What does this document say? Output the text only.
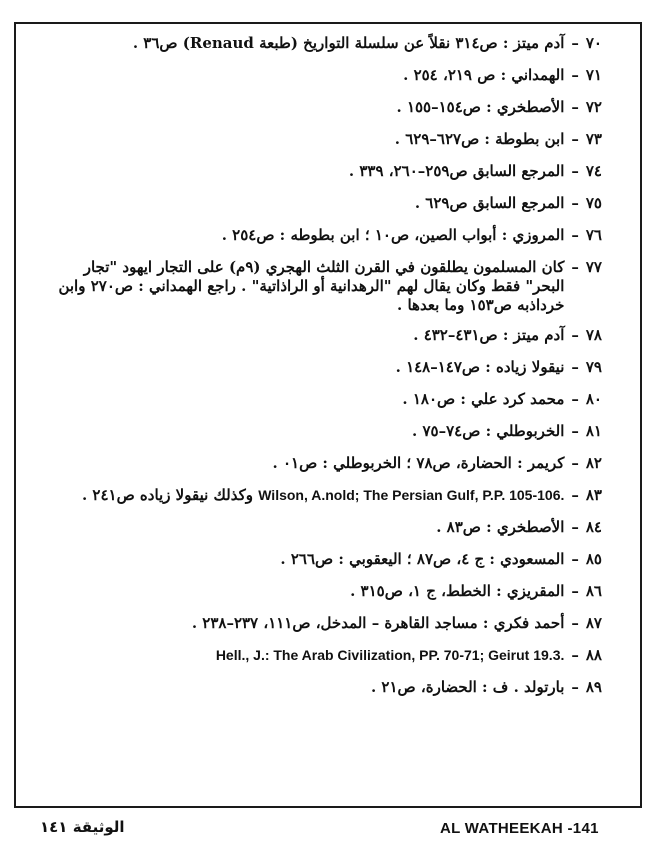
٧٠
–
آدم ميتز : ص٣١٤ نقلاً عن سلسلة التواريخ (طبعة Renaud) ص٣٦ .
٧١
–
الهمداني : ص ٢١٩، ٢٥٤ .
٧٢
–
الأصطخري : ص١٥٤–١٥٥ .
٧٣
–
ابن بطوطة : ص٦٢٧–٦٢٩ .
٧٤
–
المرجع السابق ص٢٥٩–٢٦٠، ٣٣٩ .
٧٥
–
المرجع السابق ص٦٢٩ .
٧٦
–
المروزي : أبواب الصين، ص١٠ ؛ ابن بطوطه : ص٢٥٤ .
٧٧
–
كان المسلمون يطلقون في القرن الثلث الهجري (٩م) على التجار ايهود "تجار البحر" فقط وكان يقال لهم "الرهدانية أو الراذاتية" . راجع الهمداني : ص٢٧٠ وابن خرداذبه ص١٥٣ وما بعدها .
٧٨
–
آدم ميتز : ص٤٣١–٤٣٢ .
٧٩
–
نيقولا زياده : ص١٤٧–١٤٨ .
٨٠
–
محمد كرد علي : ص١٨٠ .
٨١
–
الخربوطلي : ص٧٤–٧٥ .
٨٢
–
كريمر : الحضارة، ص٧٨ ؛ الخربوطلي : ص٠١ .
٨٣
–
Wilson, A.nold; The Persian Gulf, P.P. 105-106. وكذلك نيقولا زياده ص٢٤١ .
٨٤
–
الأصطخري : ص٨٣ .
٨٥
–
المسعودي : ج ٤، ص٨٧ ؛ اليعقوبي : ص٢٦٦ .
٨٦
–
المقريزي : الخطط، ج ١، ص٣١٥ .
٨٧
–
أحمد فكري : مساجد القاهرة – المدخل، ص١١١، ٢٣٧–٢٣٨ .
٨٨
–
Hell., J.: The Arab Civilization, PP. 70-71; Geirut 19.3.
٨٩
–
بارتولد . ف : الحضارة، ص٢١ .
AL WATHEEKAH -141
الوثيقة ١٤١
